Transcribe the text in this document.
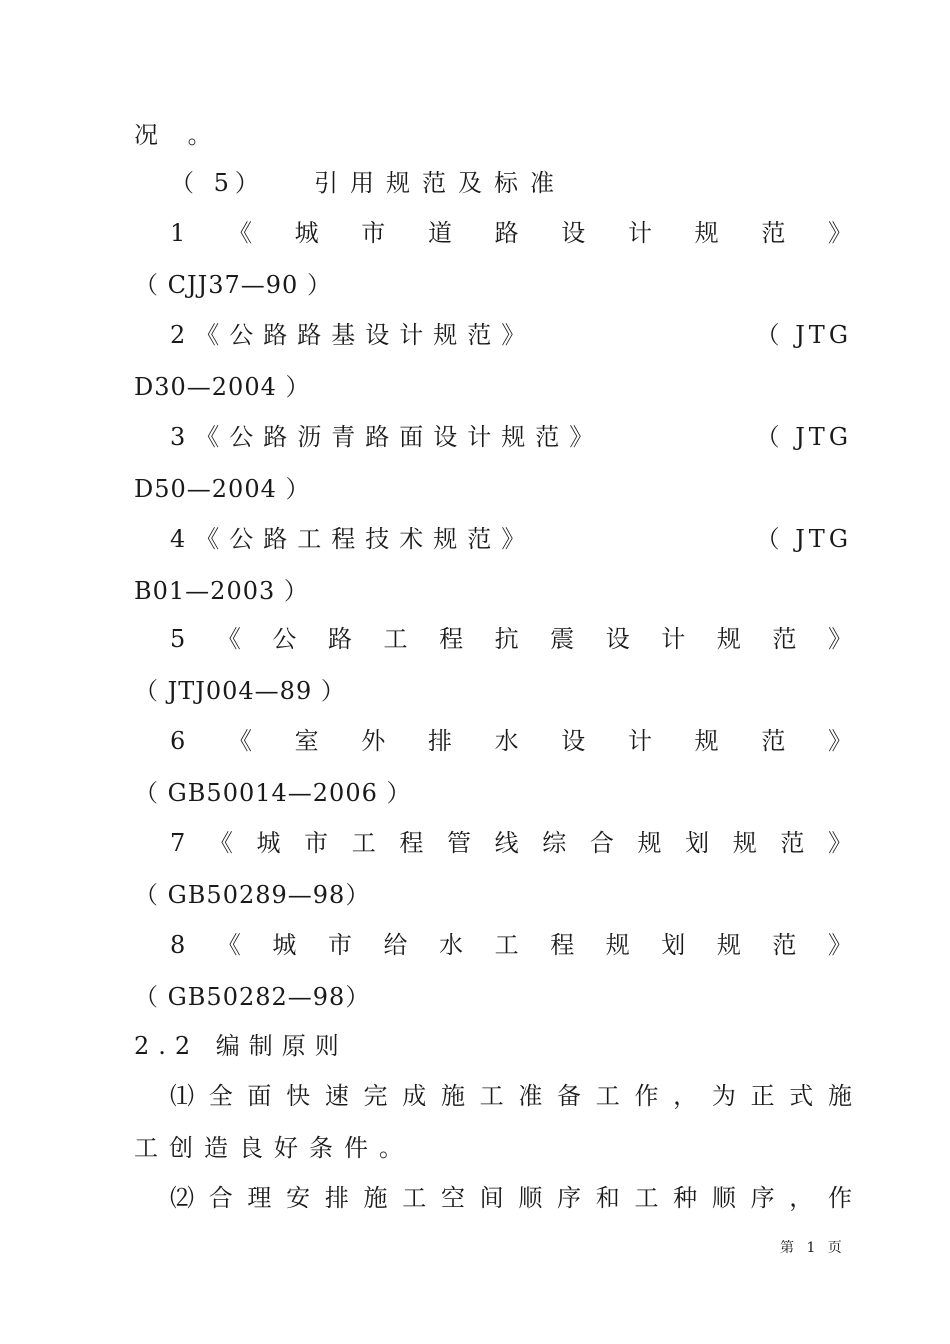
况 。
（ 5） 引用规范及标准
1《城市道路设计规范》
（ CJJ37—90 ）
2《公路路基设计规范》	（ JTG
D30—2004 ）
3《公路沥青路面设计规范》	（ JTG
D50—2004 ）
4《公路工程技术规范》	（ JTG
B01—2003 ）
5《公路工程抗震设计规范》
（ JTJ004—89 ）
6《室外排水设计规范》
（ GB50014—2006 ）
7《城市工程管线综合规划规范》
（ GB50289—98）
8《城市给水工程规划规范》
（ GB50282—98）
2.2 编制原则
⑴全面快速完成施工准备工作，为正式施
工创造良好条件。
⑵合理安排施工空间顺序和工种顺序，作
第 1 页
